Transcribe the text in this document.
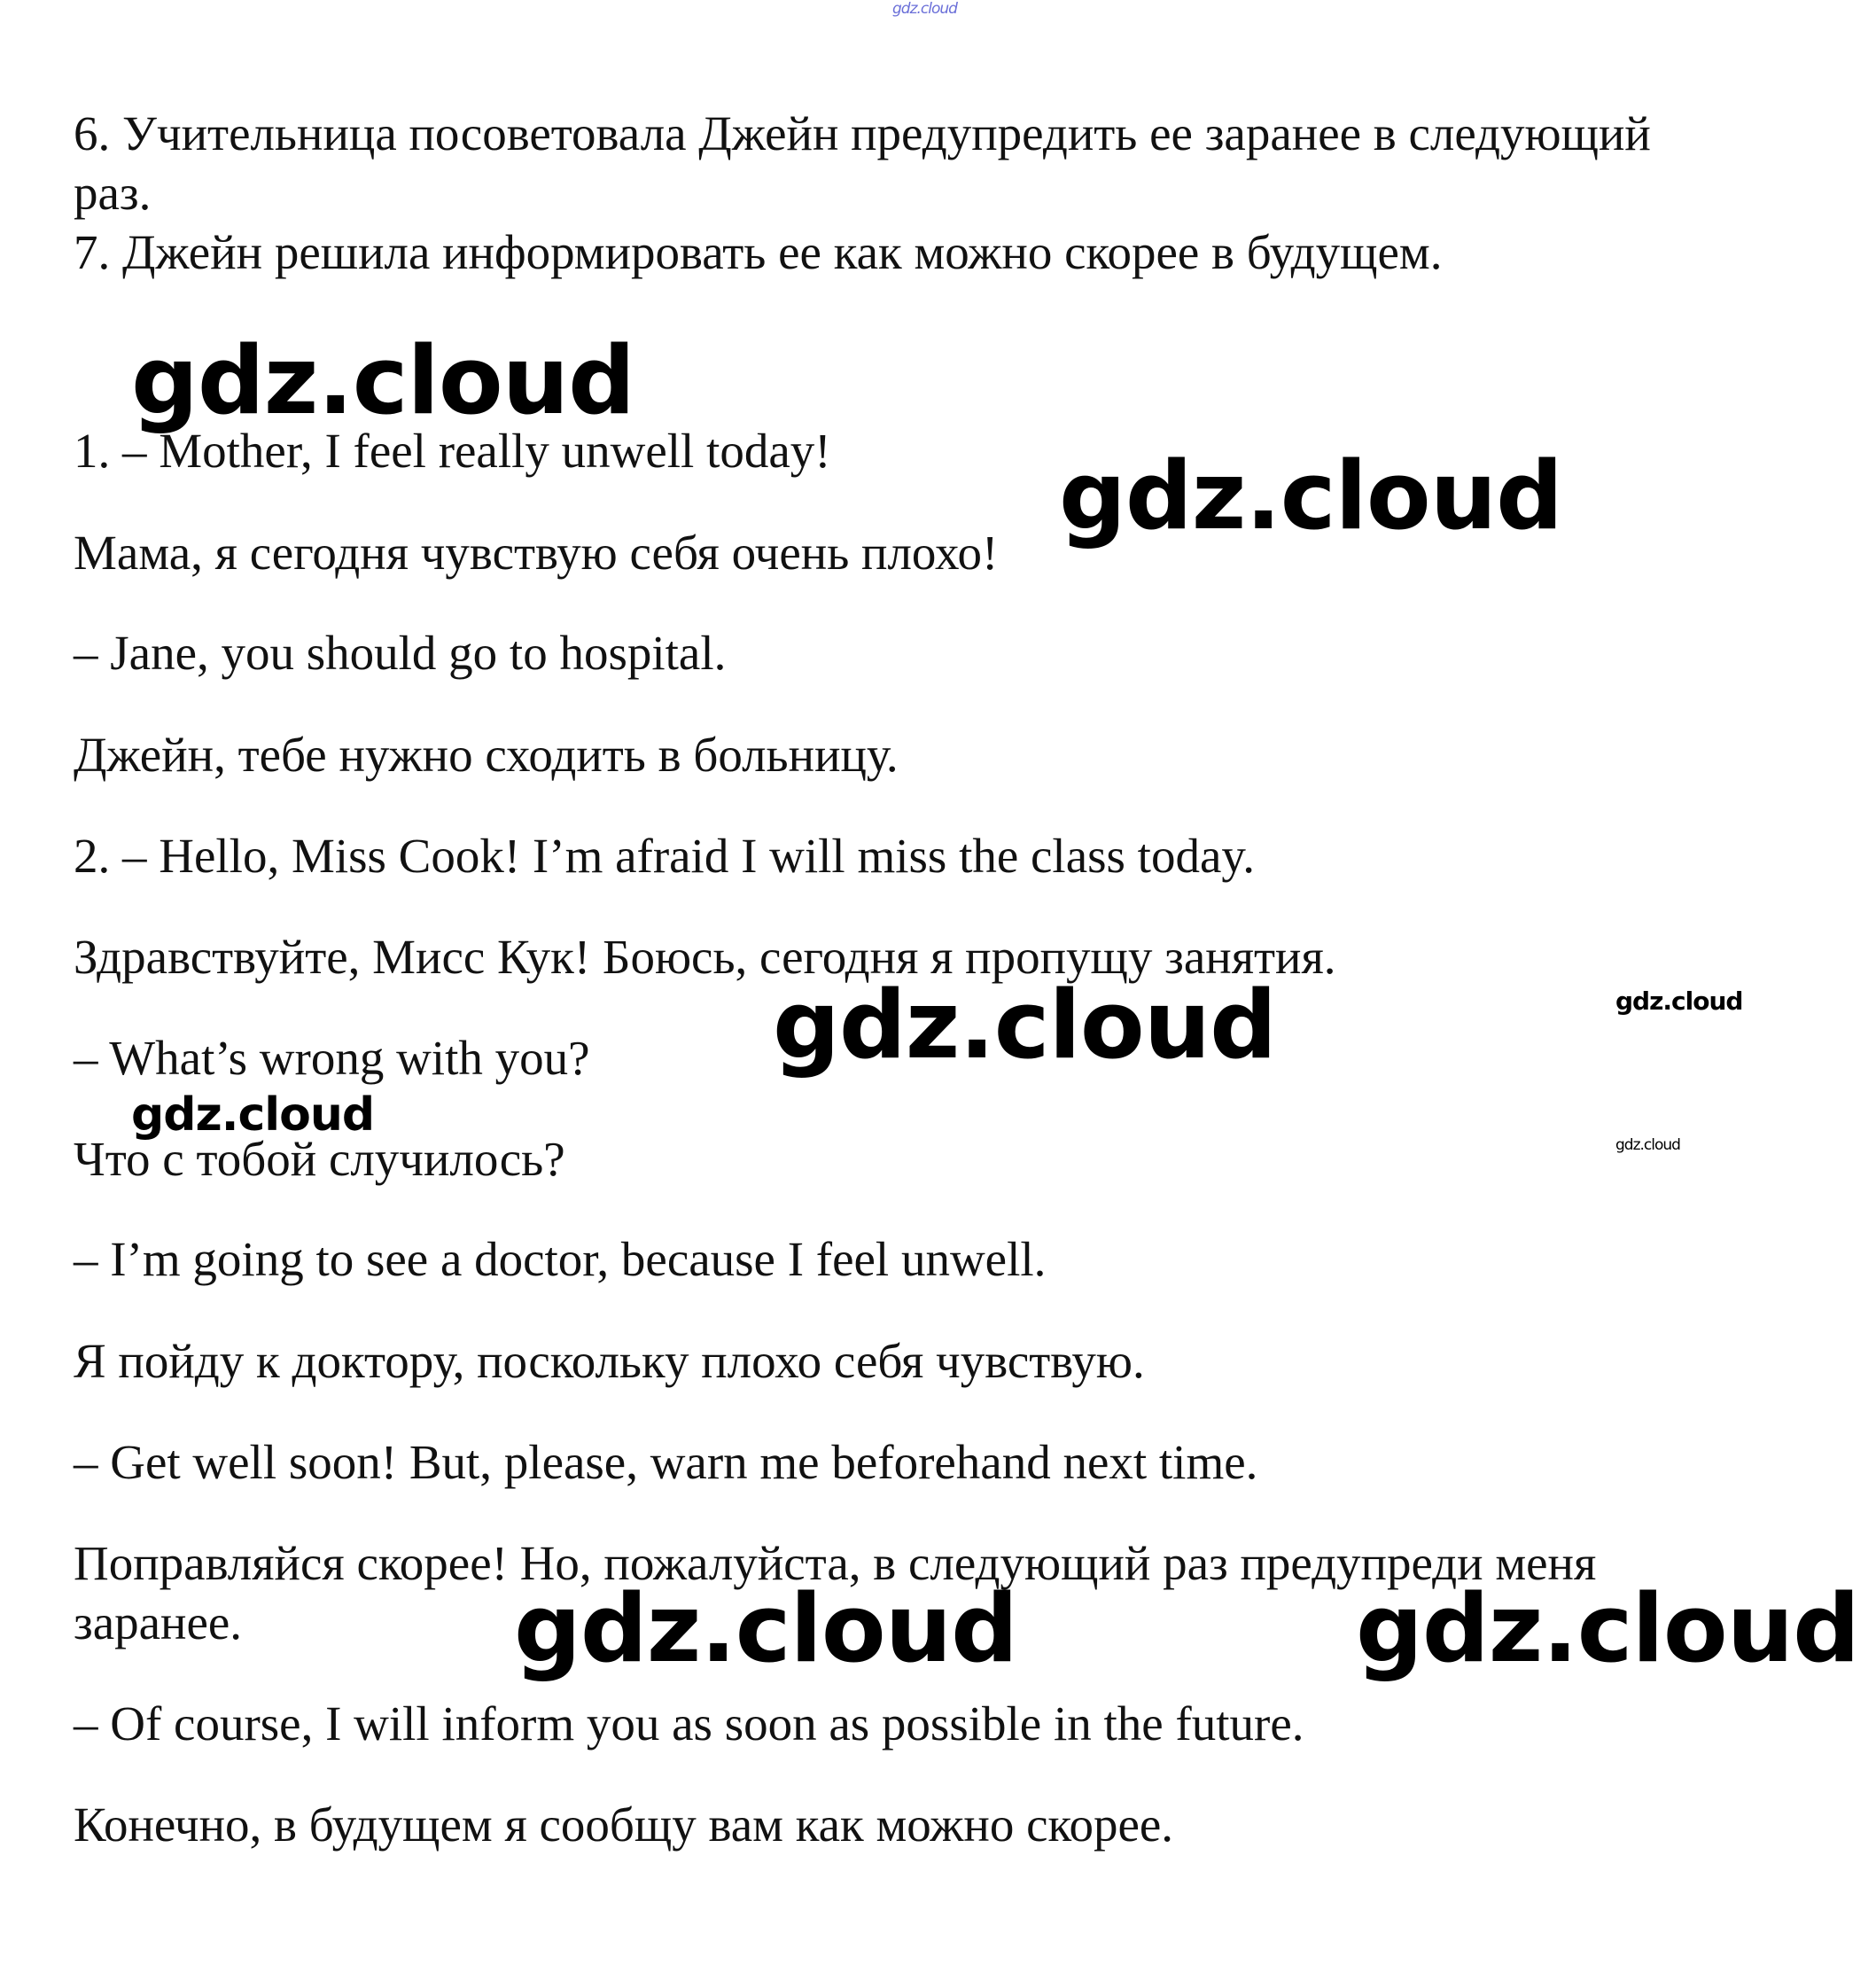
gdz.cloud

6. Учительница посоветовала Джейн предупредить ее заранее в следующий

раз.

7. Джейн решила информировать ее как можно скорее в будущем.

1. – Mother, I feel really unwell today!

Мама, я сегодня чувствую себя очень плохо!

– Jane, you should go to hospital.

Джейн, тебе нужно сходить в больницу.

2. – Hello, Miss Cook! I’m afraid I will miss the class today.

Здравствуйте, Мисс Кук! Боюсь, сегодня я пропущу занятия.

– What’s wrong with you?

Что с тобой случилось?

– I’m going to see a doctor, because I feel unwell.

Я пойду к доктору, поскольку плохо себя чувствую.

– Get well soon! But, please, warn me beforehand next time.

Поправляйся скорее! Но, пожалуйста, в следующий раз предупреди меня

заранее.

– Of course, I will inform you as soon as possible in the future.

Конечно, в будущем я сообщу вам как можно скорее.

gdz.cloud

gdz.cloud

gdz.cloud

gdz.cloud	gdz.cloud

gdz.cloud

gdz.cloud

gdz.cloud
